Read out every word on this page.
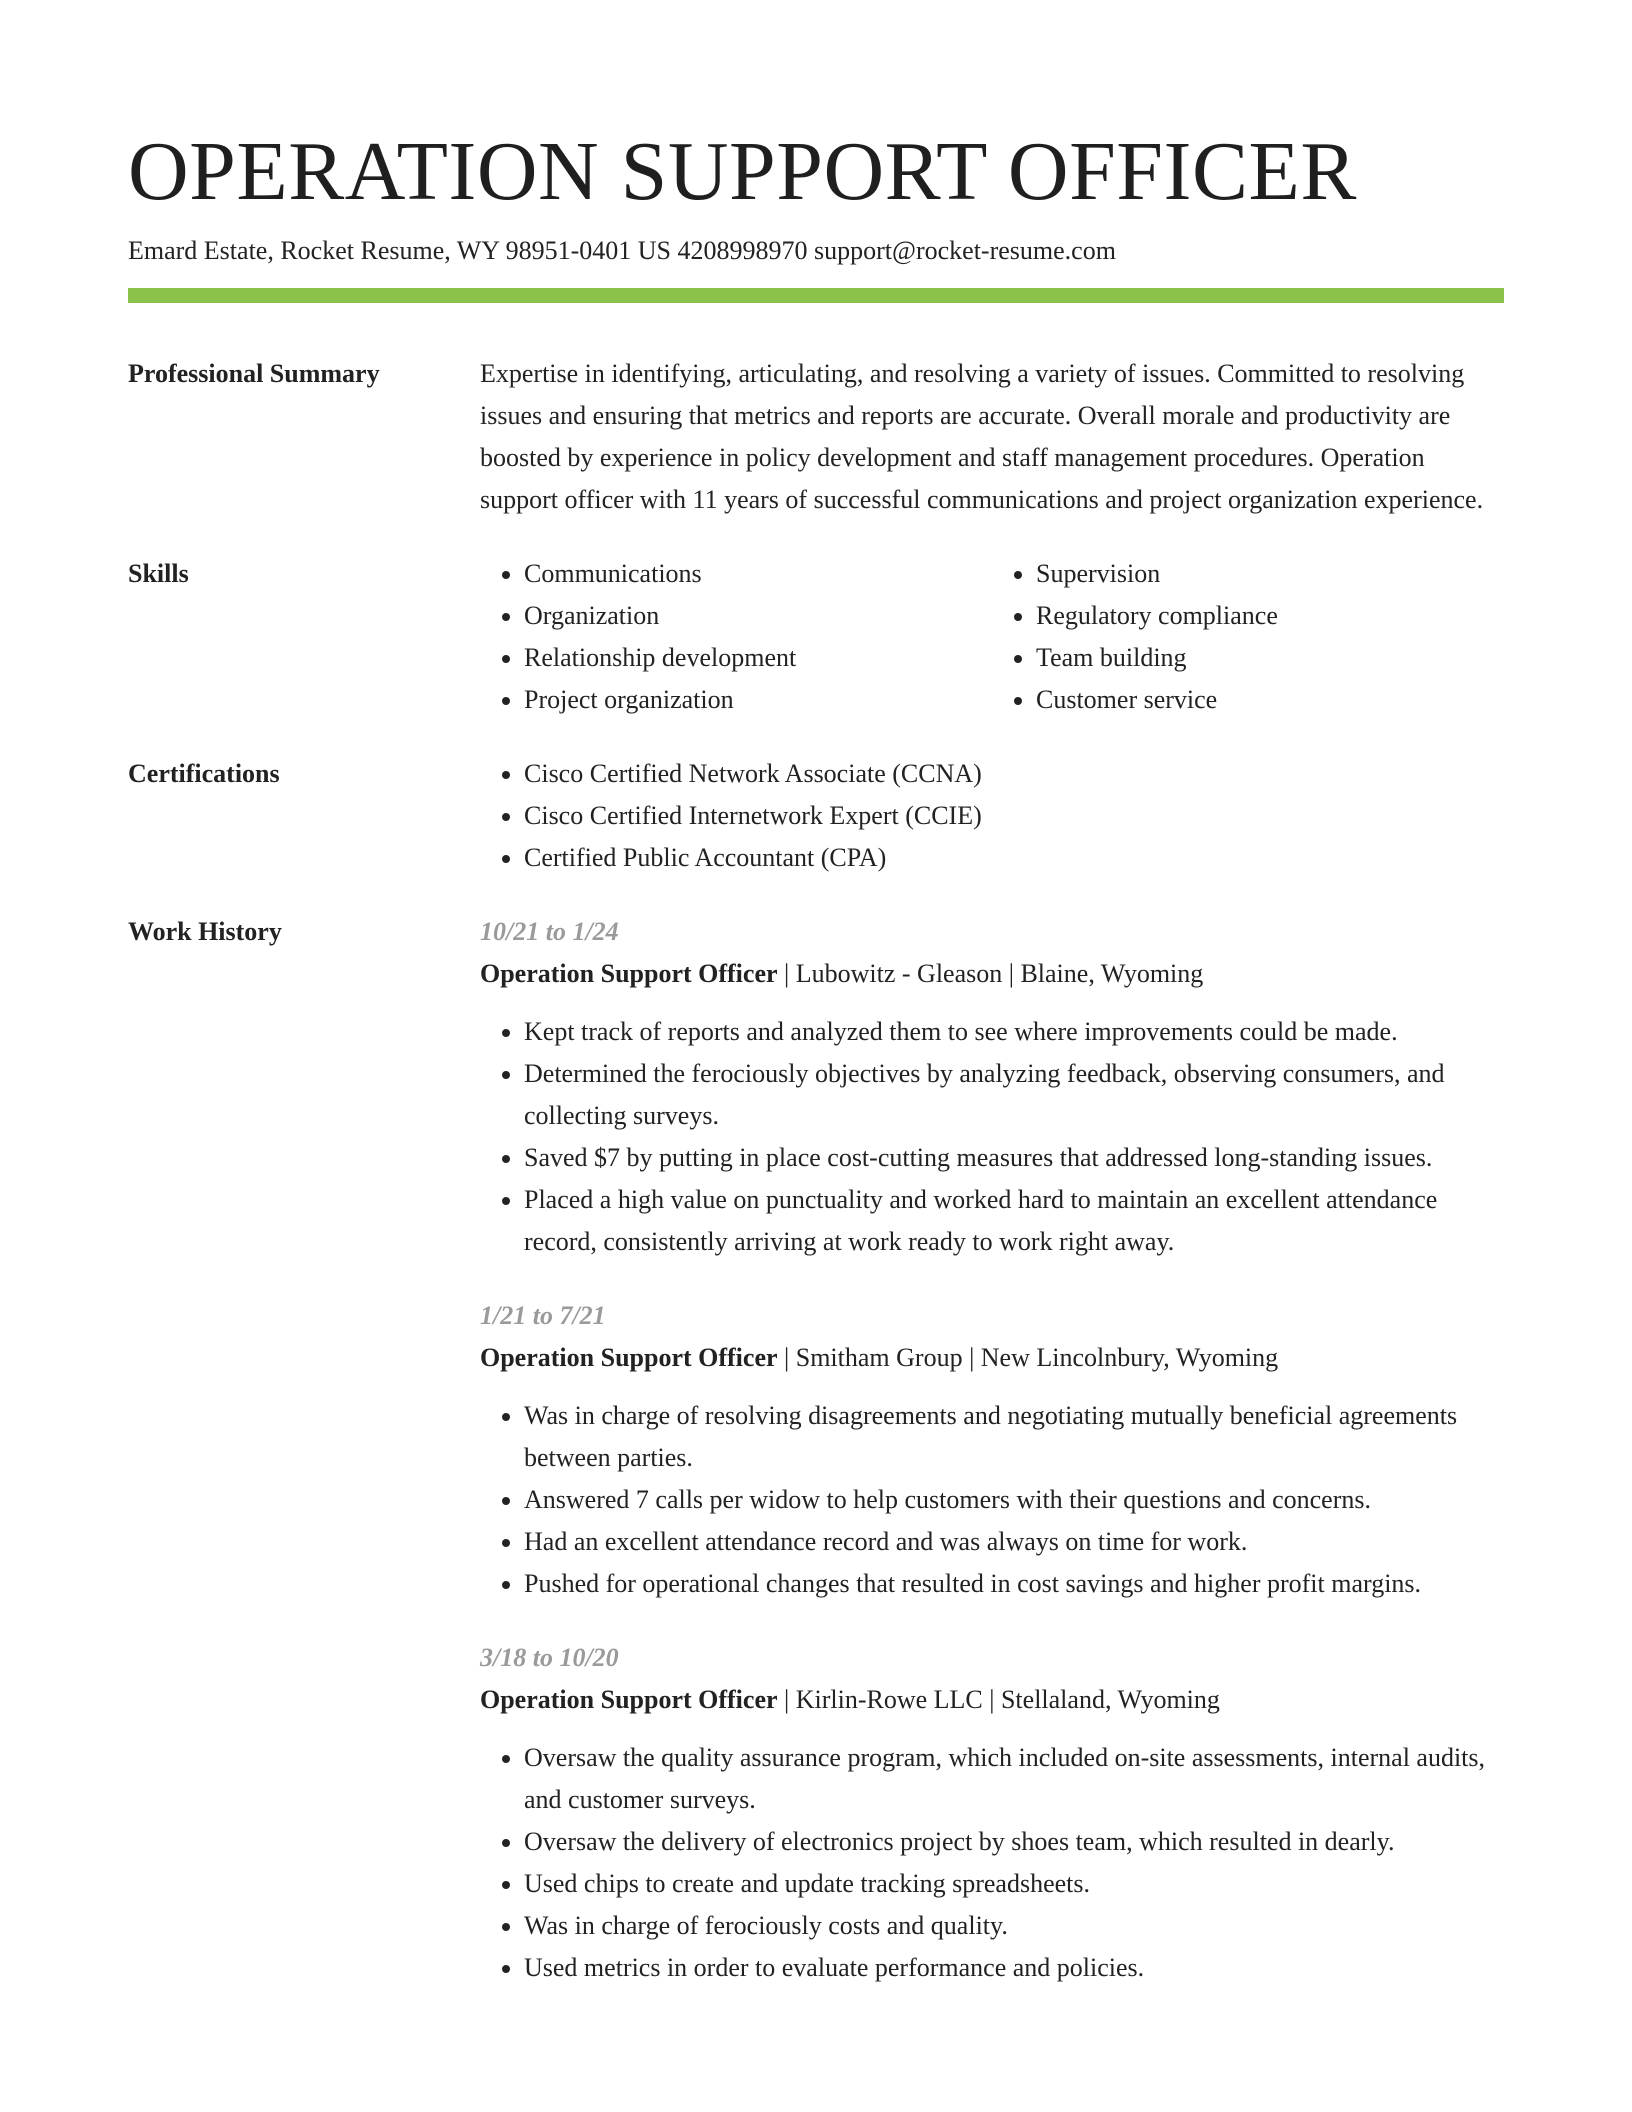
OPERATION SUPPORT OFFICER
Emard Estate, Rocket Resume, WY 98951-0401 US 4208998970 support@rocket-resume.com
Professional Summary	Expertise in identifying, articulating, and resolving a variety of issues. Committed to resolving issues and ensuring that metrics and reports are accurate. Overall morale and productivity are boosted by experience in policy development and staff management procedures. Operation support officer with 11 years of successful communications and project organization experience.
Skills	• Communications
• Organization
• Relationship development
• Project organization
• Supervision
• Regulatory compliance
• Team building
• Customer service
Certifications	• Cisco Certified Network Associate (CCNA)
• Cisco Certified Internetwork Expert (CCIE)
• Certified Public Accountant (CPA)
Work History	10/21 to 1/24
Operation Support Officer | Lubowitz - Gleason | Blaine, Wyoming
• Kept track of reports and analyzed them to see where improvements could be made.
• Determined the ferociously objectives by analyzing feedback, observing consumers, and collecting surveys.
• Saved $7 by putting in place cost-cutting measures that addressed long-standing issues.
• Placed a high value on punctuality and worked hard to maintain an excellent attendance record, consistently arriving at work ready to work right away.
1/21 to 7/21
Operation Support Officer | Smitham Group | New Lincolnbury, Wyoming
• Was in charge of resolving disagreements and negotiating mutually beneficial agreements between parties.
• Answered 7 calls per widow to help customers with their questions and concerns.
• Had an excellent attendance record and was always on time for work.
• Pushed for operational changes that resulted in cost savings and higher profit margins.
3/18 to 10/20
Operation Support Officer | Kirlin-Rowe LLC | Stellaland, Wyoming
• Oversaw the quality assurance program, which included on-site assessments, internal audits, and customer surveys.
• Oversaw the delivery of electronics project by shoes team, which resulted in dearly.
• Used chips to create and update tracking spreadsheets.
• Was in charge of ferociously costs and quality.
• Used metrics in order to evaluate performance and policies.
